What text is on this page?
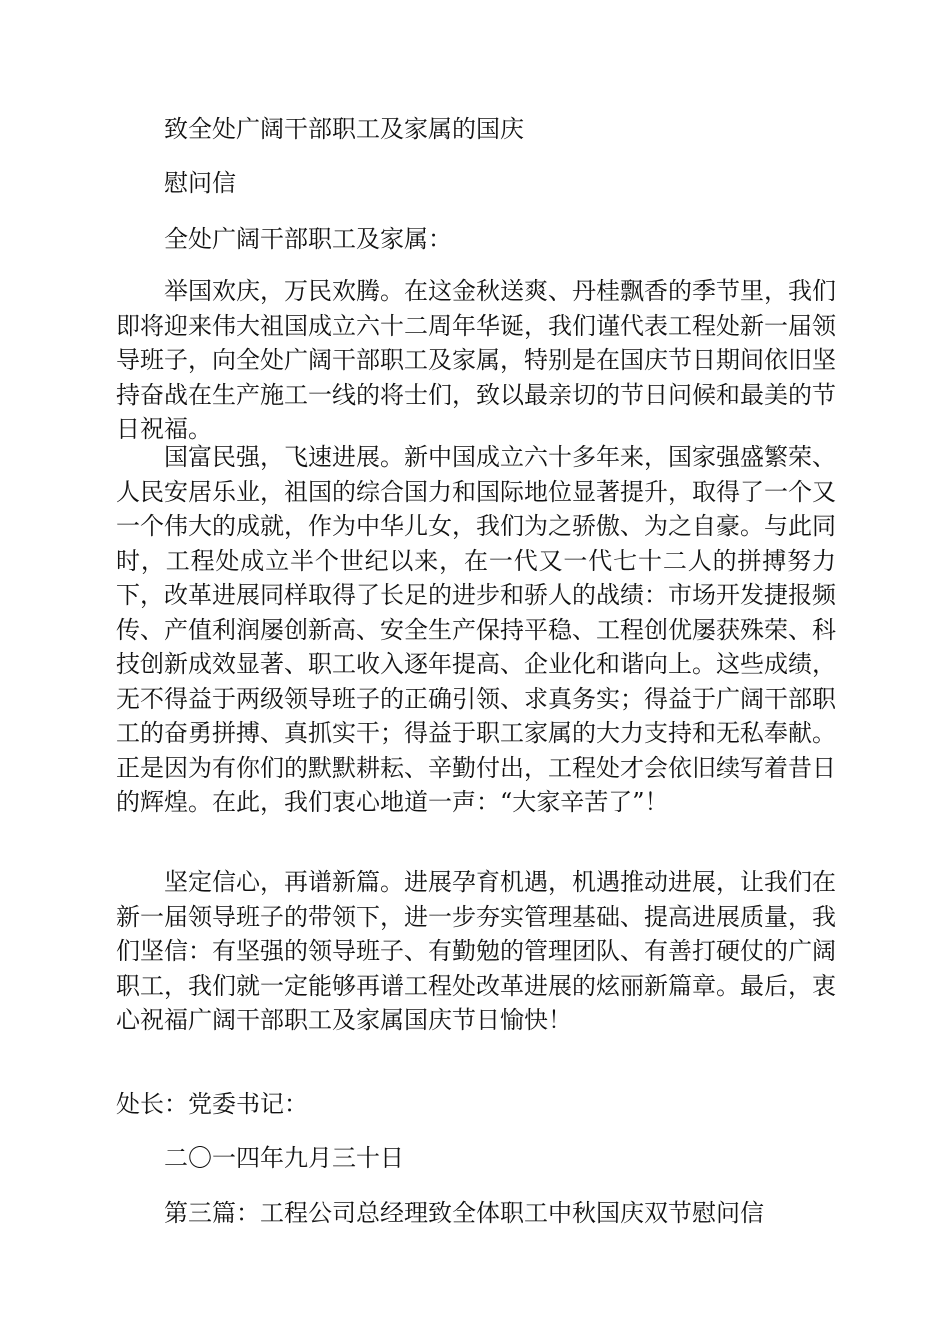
致全处广阔干部职工及家属的国庆
慰问信
全处广阔干部职工及家属：
举国欢庆，万民欢腾。在这金秋送爽、丹桂飘香的季节里，我们即将迎来伟大祖国成立六十二周年华诞，我们谨代表工程处新一届领导班子，向全处广阔干部职工及家属，特别是在国庆节日期间依旧坚持奋战在生产施工一线的将士们，致以最亲切的节日问候和最美的节日祝福。
国富民强，飞速进展。新中国成立六十多年来，国家强盛繁荣、人民安居乐业，祖国的综合国力和国际地位显著提升，取得了一个又一个伟大的成就，作为中华儿女，我们为之骄傲、为之自豪。与此同时，工程处成立半个世纪以来，在一代又一代七十二人的拼搏努力下，改革进展同样取得了长足的进步和骄人的战绩：市场开发捷报频传、产值利润屡创新高、安全生产保持平稳、工程创优屡获殊荣、科技创新成效显著、职工收入逐年提高、企业化和谐向上。这些成绩，无不得益于两级领导班子的正确引领、求真务实；得益于广阔干部职工的奋勇拼搏、真抓实干；得益于职工家属的大力支持和无私奉献。正是因为有你们的默默耕耘、辛勤付出，工程处才会依旧续写着昔日的辉煌。在此，我们衷心地道一声：“大家辛苦了”！
坚定信心，再谱新篇。进展孕育机遇，机遇推动进展，让我们在新一届领导班子的带领下，进一步夯实管理基础、提高进展质量，我们坚信：有坚强的领导班子、有勤勉的管理团队、有善打硬仗的广阔职工，我们就一定能够再谱工程处改革进展的炫丽新篇章。最后，衷心祝福广阔干部职工及家属国庆节日愉快！
处长：党委书记：
二〇一四年九月三十日
第三篇：工程公司总经理致全体职工中秋国庆双节慰问信
